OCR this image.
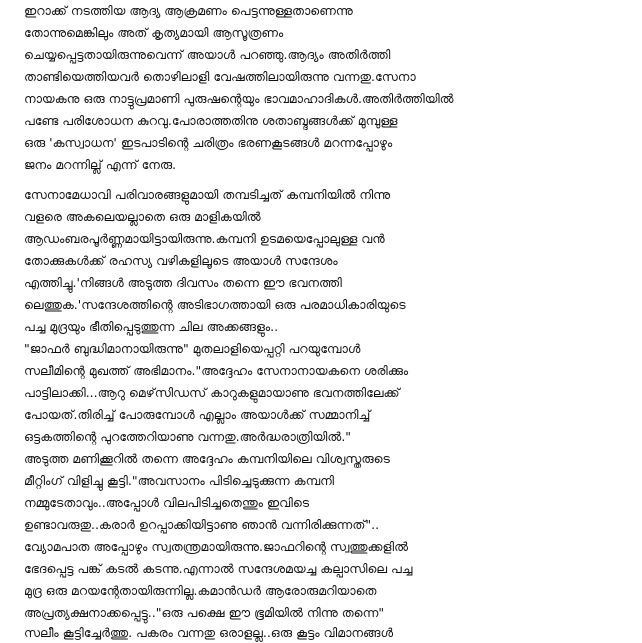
ഇറാക്ക് നടത്തിയ ആദ്യ ആക്രമണം പെട്ടന്നുള്ളതാണെന്നു
തോന്നുമെങ്കിലും അത് കൃത്യമായി ആസൂത്രണം
ചെയ്യപ്പെട്ടതായിരുന്നുവെന്ന് അയാൾ പറഞ്ഞു.ആദ്യം അതിർത്തി
താണ്ടിയെത്തിയവർ തൊഴിലാളി വേഷത്തിലായിരുന്നു വന്നതു.സേനാ
നായകനു ഒരു നാട്ടുപ്രമാണി പുരുഷന്റെയും ഭാവമാഹാദികൾ.അതിർത്തിയിൽ
പണ്ടേ പരിശോധന കുറവു.പോരാത്തതിനു ശതാബ്ദങ്ങൾക്ക് മുമ്പുള്ള
ഒരു 'കസ്വാധന' ഇടപാടിന്റെ ചരിത്രം ഭരണകൂടങ്ങൾ മറന്നപ്പോഴും
ജനം മറന്നില്ല് എന്ന് നേരു.
സേനാമേധാവി പരിവാരങ്ങളുമായി തമ്പടിച്ചത് കമ്പനിയിൽ നിന്നു
വളരെ അകലെയല്ലാതെ ഒരു മാളികയിൽ
ആഡംബരപൂർണ്ണമായിട്ടായിരുന്നു.കമ്പനി ഉടമയെപ്പോലുള്ള വൻ
തോക്കുകൾക്ക് രഹസ്യ വഴികളിലൂടെ അയാൾ സന്ദേശം
എത്തിച്ചു.'നിങ്ങൾ അടുത്ത ദിവസം തന്നെ ഈ ഭവനത്തി
ലെത്തുക.'സന്ദേശത്തിന്റെ അടിഭാഗത്തായി ഒരു പരമാധികാരിയുടെ
പച്ച മുദ്രയും ഭീതിപ്പെടുത്തുന്ന ചില അക്കങ്ങളും..
"ജാഫർ ബുദ്ധിമാനായിരുന്നു" മുതലാളിയെപ്പറ്റി പറയുമ്പോൾ
സലീമിന്റെ മുഖത്ത് അഭിമാനം."അദ്ദേഹം സേനാനായകനെ ശരിക്കും
പാട്ടിലാക്കി...ആറു മെഴ്‌സിഡസ് കാറുകളുമായാണു ഭവനത്തിലേക്ക്
പോയത്.തിരിച്ച് പോരുമ്പോൾ എല്ലാം അയാൾക്ക് സമ്മാനിച്ച്
ഒട്ടകത്തിന്റെ പുറത്തേറിയാണു വന്നതു.അർദ്ധരാത്രിയിൽ."
അടുത്ത മണിക്കൂറിൽ തന്നെ അദ്ദേഹം കമ്പനിയിലെ വിശ്വസ്തരുടെ
മീറ്റിംഗ് വിളിച്ചു കൂട്ടി."അവസാനം പിടിച്ചെടുക്കുന്ന കമ്പനി
നമ്മുടേതാവും..അപ്പോൾ വിലപിടിച്ചതെന്തും ഇവിടെ
ഉണ്ടാവരുതു..കരാർ ഉറപ്പാക്കിയിട്ടാണു ഞാൻ വന്നിരിക്കുന്നത്"..
വ്യോമപാത അപ്പോഴും സ്വതന്ത്രമായിരുന്നു.ജാഫറിന്റെ സ്വത്തുക്കളിൽ
ഭേദപ്പെട്ട പങ്ക് കടൽ കടന്നു.എന്നാൽ സന്ദേശമയച്ച കല്പാസിലെ പച്ച
മുദ്ര ഒരു മറയന്റേതായിരുന്നില്ല.കമാൻഡർ ആരോരുമറിയാതെ
അപ്രത്യക്ഷനാക്കപ്പെട്ടു.."ഒരു പക്ഷെ ഈ ഭൂമിയിൽ നിന്നു തന്നെ"
സലീം കൂട്ടിച്ചേർത്തു. പകരം വന്നതു ഒരാളല്ല..ഒരു കൂട്ടം വിമാനങ്ങൾ
